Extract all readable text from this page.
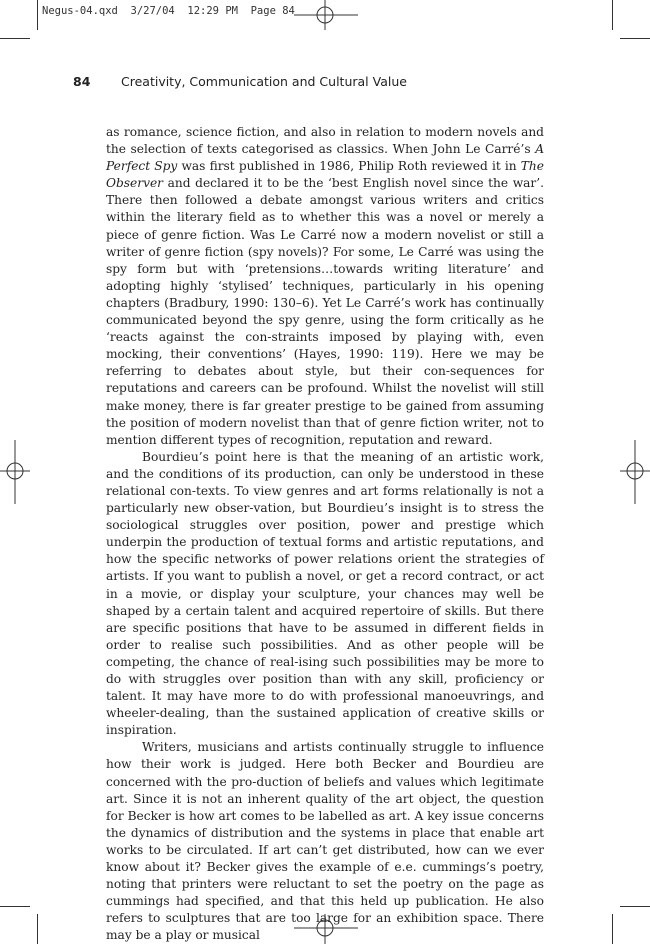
Negus-04.qxd  3/27/04  12:29 PM  Page 84
84 Creativity, Communication and Cultural Value

as romance, science fiction, and also in relation to modern novels and the selection of texts categorised as classics. When John Le Carré’s A Perfect Spy was first published in 1986, Philip Roth reviewed it in The Observer and declared it to be the ‘best English novel since the war’. There then followed a debate amongst various writers and critics within the literary field as to whether this was a novel or merely a piece of genre fiction. Was Le Carré now a modern novelist or still a writer of genre fiction (spy novels)? For some, Le Carré was using the spy form but with ‘pretensions…towards writing literature’ and adopting highly ‘stylised’ techniques, particularly in his opening chapters (Bradbury, 1990: 130–6). Yet Le Carré’s work has continually communicated beyond the spy genre, using the form critically as he ‘reacts against the con-straints imposed by playing with, even mocking, their conventions’ (Hayes, 1990: 119). Here we may be referring to debates about style, but their con-sequences for reputations and careers can be profound. Whilst the novelist will still make money, there is far greater prestige to be gained from assuming the position of modern novelist than that of genre fiction writer, not to mention different types of recognition, reputation and reward.

Bourdieu’s point here is that the meaning of an artistic work, and the conditions of its production, can only be understood in these relational con-texts. To view genres and art forms relationally is not a particularly new obser-vation, but Bourdieu’s insight is to stress the sociological struggles over position, power and prestige which underpin the production of textual forms and artistic reputations, and how the specific networks of power relations orient the strategies of artists. If you want to publish a novel, or get a record contract, or act in a movie, or display your sculpture, your chances may well be shaped by a certain talent and acquired repertoire of skills. But there are specific positions that have to be assumed in different fields in order to realise such possibilities. And as other people will be competing, the chance of real-ising such possibilities may be more to do with struggles over position than with any skill, proficiency or talent. It may have more to do with professional manoeuvrings, and wheeler-dealing, than the sustained application of creative skills or inspiration.

Writers, musicians and artists continually struggle to influence how their work is judged. Here both Becker and Bourdieu are concerned with the pro-duction of beliefs and values which legitimate art. Since it is not an inherent quality of the art object, the question for Becker is how art comes to be labelled as art. A key issue concerns the dynamics of distribution and the systems in place that enable art works to be circulated. If art can’t get distributed, how can we ever know about it? Becker gives the example of e.e. cummings’s poetry, noting that printers were reluctant to set the poetry on the page as cummings had specified, and that this held up publication. He also refers to sculptures that are too large for an exhibition space. There may be a play or musical
